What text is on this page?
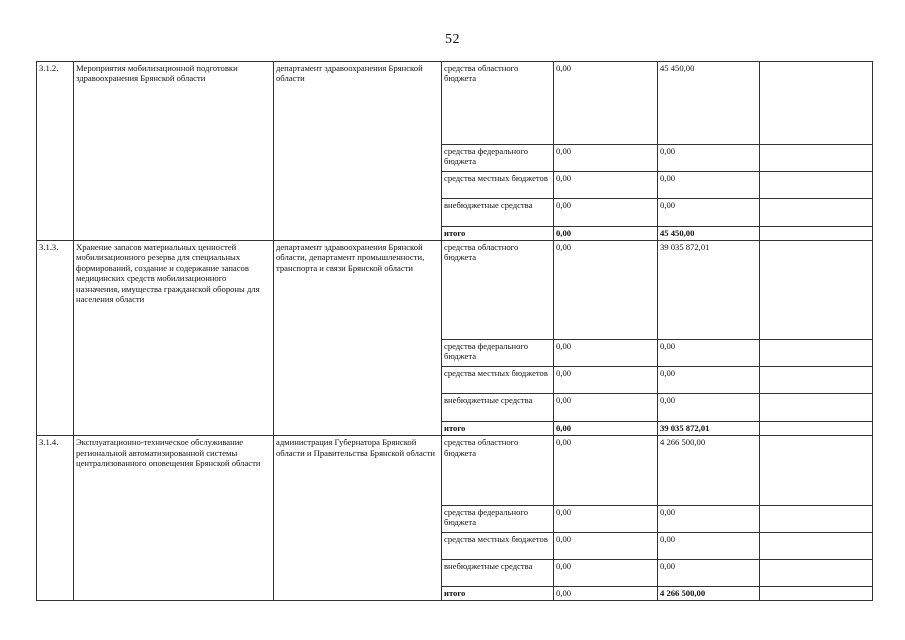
52
3.1.2.	Мероприятия мобилизационной подготовки здравоохранения Брянской области	департамент здравоохранения Брянской области	средства областного бюджета	0,00	45 450,00	
			средства федерального бюджета	0,00	0,00	
			средства местных бюджетов	0,00	0,00	
			внебюджетные средства	0,00	0,00	
			итого	0,00	45 450,00	
3.1.3.	Хранение запасов материальных ценностей мобилизационного резерва для специальных формирований, создание и содержание запасов медицинских средств мобилизационного назначения, имущества гражданской обороны для населения области	департамент здравоохранения Брянской области, департамент промышленности, транспорта и связи Брянской области	средства областного бюджета	0,00	39 035 872,01	
			средства федерального бюджета	0,00	0,00	
			средства местных бюджетов	0,00	0,00	
			внебюджетные средства	0,00	0,00	
			итого	0,00	39 035 872,01	
3.1.4.	Эксплуатационно-техническое обслуживание региональной автоматизированной системы централизованного оповещения Брянской области	администрация Губернатора Брянской области и Правительства Брянской области	средства областного бюджета	0,00	4 266 500,00	
			средства федерального бюджета	0,00	0,00	
			средства местных бюджетов	0,00	0,00	
			внебюджетные средства	0,00	0,00	
			итого	0,00	4 266 500,00	
